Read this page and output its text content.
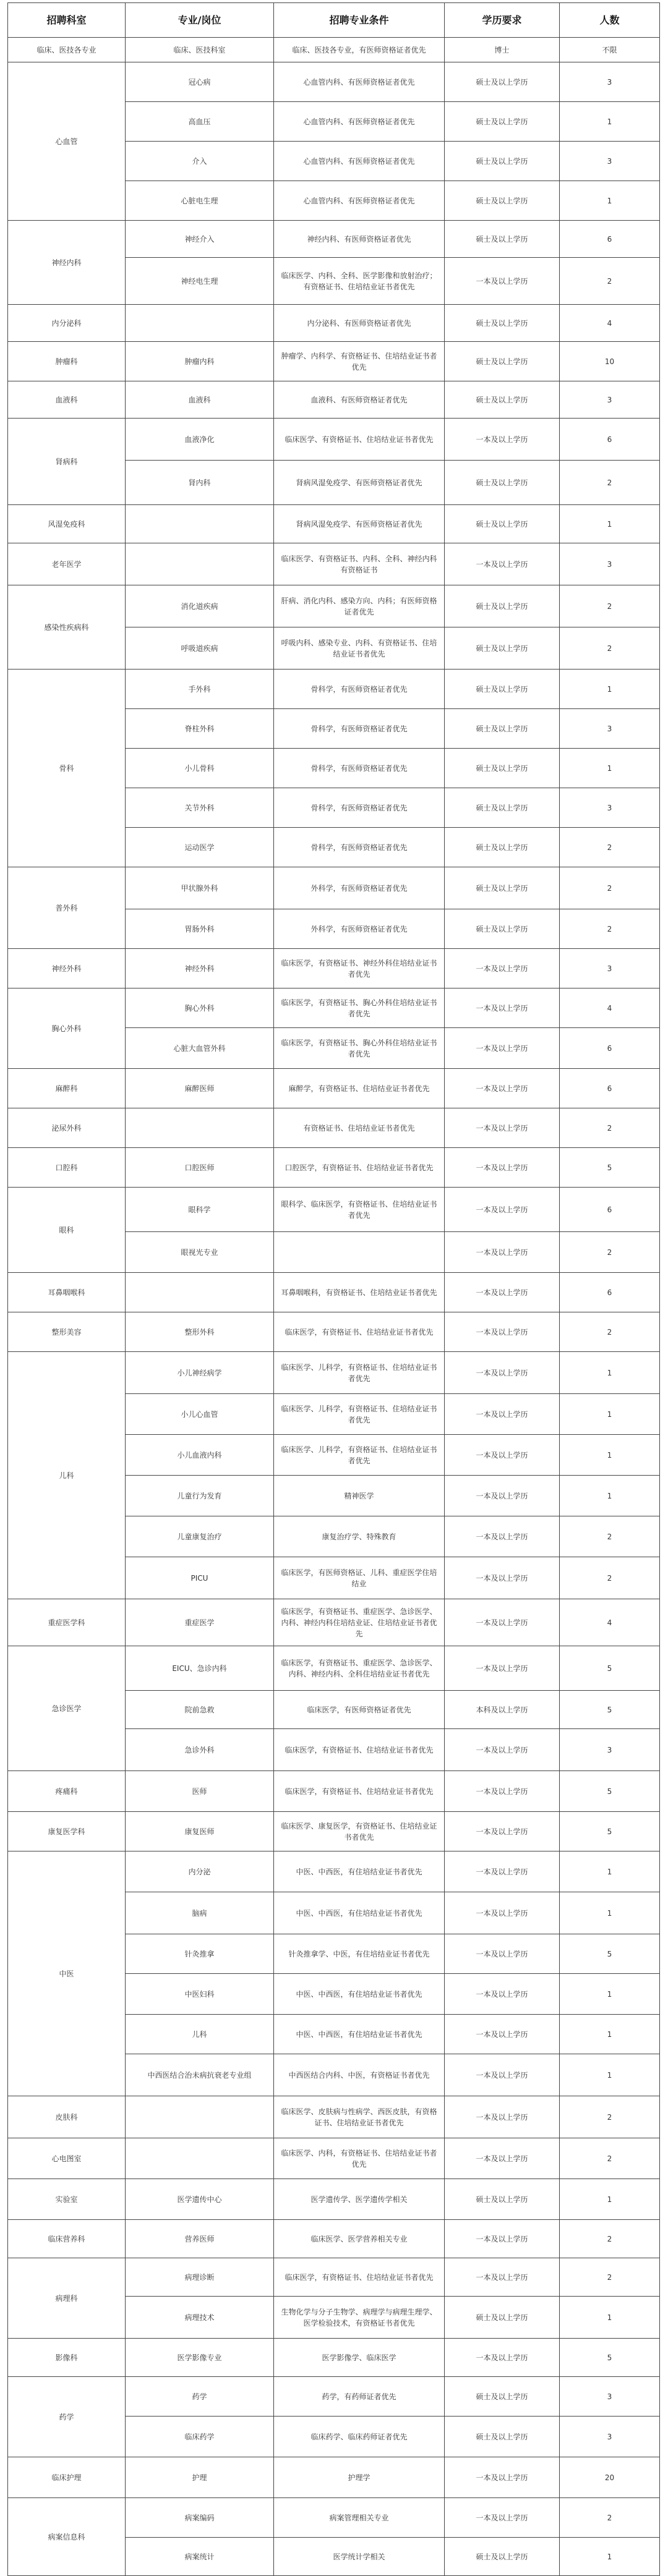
招聘科室	专业/岗位	招聘专业条件	学历要求	人数
临床、医技各专业	临床、医技科室	临床、医技各专业，有医师资格证者优先	博士	不限
心血管	冠心病	心血管内科、有医师资格证者优先	硕士及以上学历	3
	高血压	心血管内科、有医师资格证者优先	硕士及以上学历	1
	介入	心血管内科、有医师资格证者优先	硕士及以上学历	3
	心脏电生理	心血管内科、有医师资格证者优先	硕士及以上学历	1
神经内科	神经介入	神经内科、有医师资格证者优先	硕士及以上学历	6
	神经电生理	临床医学、内科、全科、医学影像和放射治疗；有资格证书、住培结业证书者优先	一本及以上学历	2
内分泌科		内分泌科、有医师资格证者优先	硕士及以上学历	4
肿瘤科	肿瘤内科	肿瘤学、内科学、有资格证书、住培结业证书者优先	硕士及以上学历	10
血液科	血液科	血液科、有医师资格证者优先	硕士及以上学历	3
肾病科	血液净化	临床医学、有资格证书、住培结业证书者优先	一本及以上学历	6
	肾内科	肾病风湿免疫学、有医师资格证者优先	硕士及以上学历	2
风湿免疫科		肾病风湿免疫学、有医师资格证者优先	硕士及以上学历	1
老年医学		临床医学、有资格证书、内科、全科、神经内科有资格证书	一本及以上学历	3
感染性疾病科	消化道疾病	肝病、消化内科、感染方向、内科；有医师资格证者优先	硕士及以上学历	2
	呼吸道疾病	呼吸内科、感染专业、内科、有资格证书、住培结业证书者优先	硕士及以上学历	2
骨科	手外科	骨科学，有医师资格证者优先	硕士及以上学历	1
	脊柱外科	骨科学，有医师资格证者优先	硕士及以上学历	3
	小儿骨科	骨科学，有医师资格证者优先	硕士及以上学历	1
	关节外科	骨科学，有医师资格证者优先	硕士及以上学历	3
	运动医学	骨科学，有医师资格证者优先	硕士及以上学历	2
普外科	甲状腺外科	外科学，有医师资格证者优先	硕士及以上学历	2
	胃肠外科	外科学，有医师资格证者优先	硕士及以上学历	2
神经外科	神经外科	临床医学，有资格证书、神经外科住培结业证书者优先	一本及以上学历	3
胸心外科	胸心外科	临床医学，有资格证书、胸心外科住培结业证书者优先	一本及以上学历	4
	心脏大血管外科	临床医学，有资格证书、胸心外科住培结业证书者优先	一本及以上学历	6
麻醉科	麻醉医师	麻醉学，有资格证书、住培结业证书者优先	一本及以上学历	6
泌尿外科		有资格证书、住培结业证书者优先	一本及以上学历	2
口腔科	口腔医师	口腔医学，有资格证书、住培结业证书者优先	一本及以上学历	5
眼科	眼科学	眼科学、临床医学，有资格证书、住培结业证书者优先	一本及以上学历	6
	眼视光专业		一本及以上学历	2
耳鼻咽喉科		耳鼻咽喉科，有资格证书、住培结业证书者优先	一本及以上学历	6
整形美容	整形外科	临床医学，有资格证书、住培结业证书者优先	一本及以上学历	2
儿科	小儿神经病学	临床医学、儿科学，有资格证书、住培结业证书者优先	一本及以上学历	1
	小儿心血管	临床医学、儿科学，有资格证书、住培结业证书者优先	一本及以上学历	1
	小儿血液内科	临床医学、儿科学，有资格证书、住培结业证书者优先	一本及以上学历	1
	儿童行为发育	精神医学	一本及以上学历	1
	儿童康复治疗	康复治疗学、特殊教育	一本及以上学历	2
	PICU	临床医学，有医师资格证、儿科、重症医学住培结业	一本及以上学历	2
重症医学科	重症医学	临床医学，有资格证书、重症医学、急诊医学、内科、神经内科住培结业证、住培结业证书者优先	一本及以上学历	4
急诊医学	EICU、急诊内科	临床医学，有资格证书、重症医学、急诊医学、内科、神经内科、全科住培结业证书者优先	一本及以上学历	5
	院前急救	临床医学，有医师资格证者优先	本科及以上学历	5
	急诊外科	临床医学，有资格证书、住培结业证书者优先	一本及以上学历	3
疼痛科	医师	临床医学，有资格证书、住培结业证书者优先	一本及以上学历	5
康复医学科	康复医师	临床医学、康复医学，有资格证书、住培结业证书者优先	一本及以上学历	5
中医	内分泌	中医、中西医，有住培结业证书者优先	一本及以上学历	1
	脑病	中医、中西医，有住培结业证书者优先	一本及以上学历	1
	针灸推拿	针灸推拿学、中医，有住培结业证书者优先	一本及以上学历	5
	中医妇科	中医、中西医，有住培结业证书者优先	一本及以上学历	1
	儿科	中医、中西医，有住培结业证书者优先	一本及以上学历	1
	中西医结合治未病抗衰老专业组	中西医结合内科、中医，有资格证书者优先	一本及以上学历	1
皮肤科		临床医学、皮肤病与性病学、西医皮肤，有资格证书、住培结业证书者优先	一本及以上学历	2
心电图室		临床医学、内科，有资格证书、住培结业证书者优先	一本及以上学历	2
实验室	医学遗传中心	医学遗传学、医学遗传学相关	硕士及以上学历	1
临床营养科	营养医师	临床医学、医学营养相关专业	一本及以上学历	2
病理科	病理诊断	临床医学，有资格证书、住培结业证书者优先	一本及以上学历	2
	病理技术	生物化学与分子生物学、病理学与病理生理学、医学检验技术，有资格证书者优先	硕士及以上学历	1
影像科	医学影像专业	医学影像学、临床医学	一本及以上学历	5
药学	药学	药学，有药师证者优先	硕士及以上学历	3
	临床药学	临床药学、临床药师证者优先	硕士及以上学历	3
临床护理	护理	护理学	一本及以上学历	20
病案信息科	病案编码	病案管理相关专业	一本及以上学历	2
	病案统计	医学统计学相关	硕士及以上学历	1
